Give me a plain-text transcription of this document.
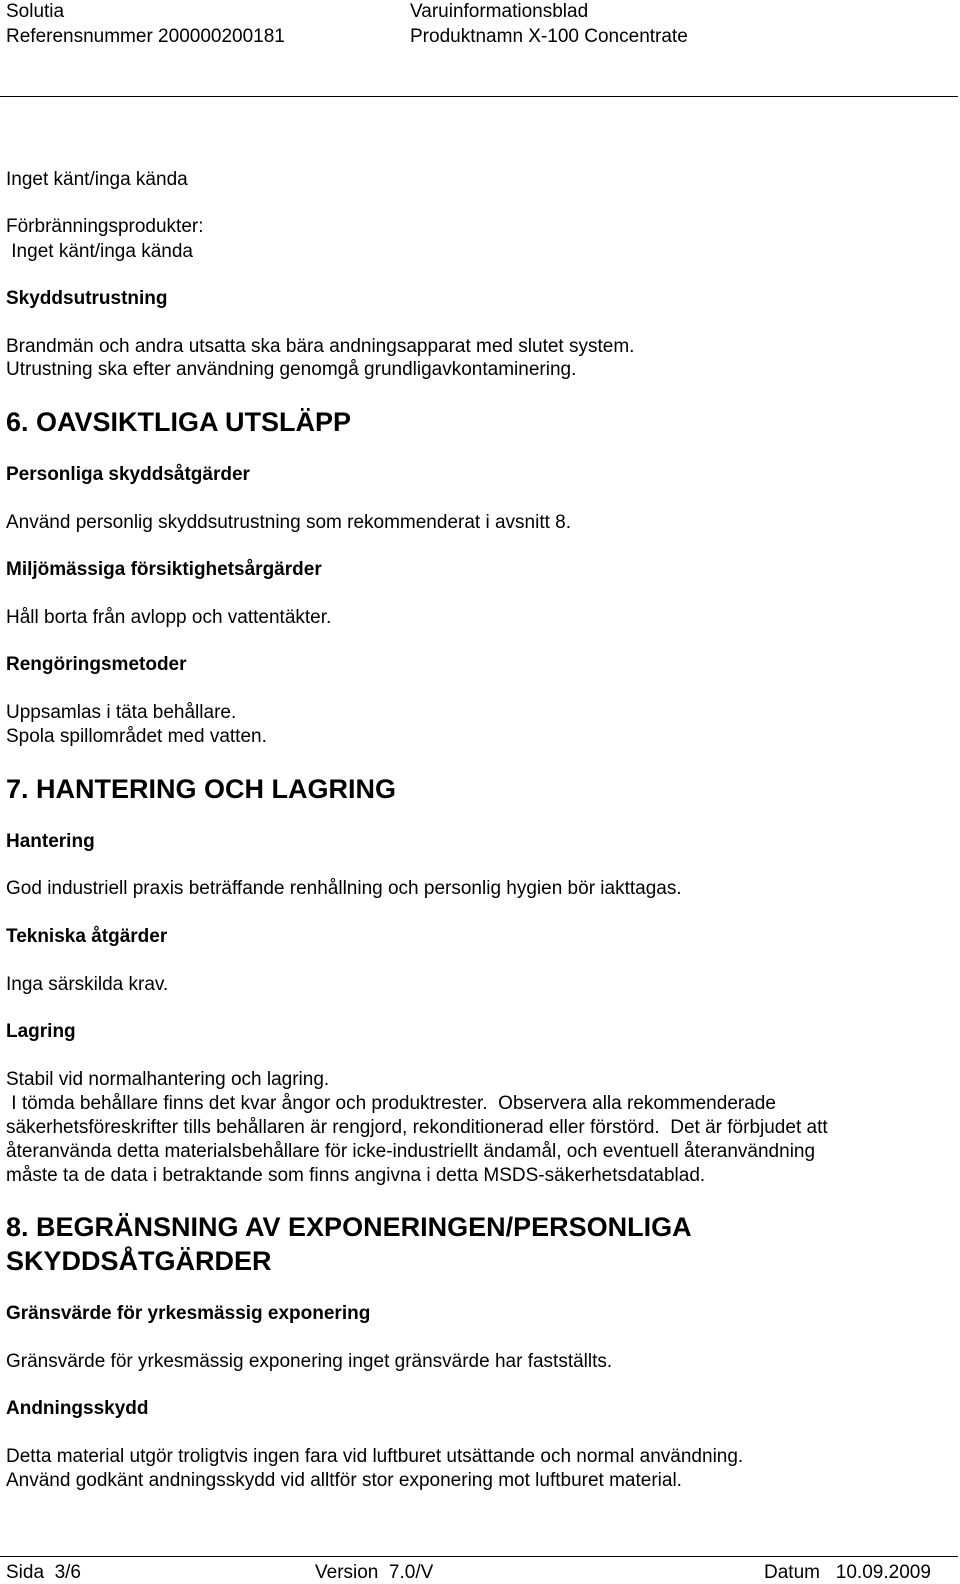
Solutia
Referensnummer 200000200181
Varuinformationsblad
Produktnamn X-100 Concentrate
Inget känt/inga kända
Förbränningsprodukter:
Inget känt/inga kända
Skyddsutrustning
Brandmän och andra utsatta ska bära andningsapparat med slutet system.
Utrustning ska efter användning genomgå grundligavkontaminering.
6. OAVSIKTLIGA UTSLÄPP
Personliga skyddsåtgärder
Använd personlig skyddsutrustning som rekommenderat i avsnitt 8.
Miljömässiga försiktighetsårgärder
Håll borta från avlopp och vattentäkter.
Rengöringsmetoder
Uppsamlas i täta behållare.
Spola spillområdet med vatten.
7. HANTERING OCH LAGRING
Hantering
God industriell praxis beträffande renhållning och personlig hygien bör iakttagas.
Tekniska åtgärder
Inga särskilda krav.
Lagring
Stabil vid normalhantering och lagring.
I tömda behållare finns det kvar ångor och produktrester.  Observera alla rekommenderade
säkerhetsföreskrifter tills behållaren är rengjord, rekonditionerad eller förstörd.  Det är förbjudet att
återanvända detta materialsbehållare för icke-industriellt ändamål, och eventuell återanvändning
måste ta de data i betraktande som finns angivna i detta MSDS-säkerhetsdatablad.
8. BEGRÄNSNING AV EXPONERINGEN/PERSONLIGA
SKYDDSÅTGÄRDER
Gränsvärde för yrkesmässig exponering
Gränsvärde för yrkesmässig exponering inget gränsvärde har fastställts.
Andningsskydd
Detta material utgör troligtvis ingen fara vid luftburet utsättande och normal användning.
Använd godkänt andningsskydd vid alltför stor exponering mot luftburet material.
Sida  3/6	Version  7.0/V	Datum   10.09.2009
